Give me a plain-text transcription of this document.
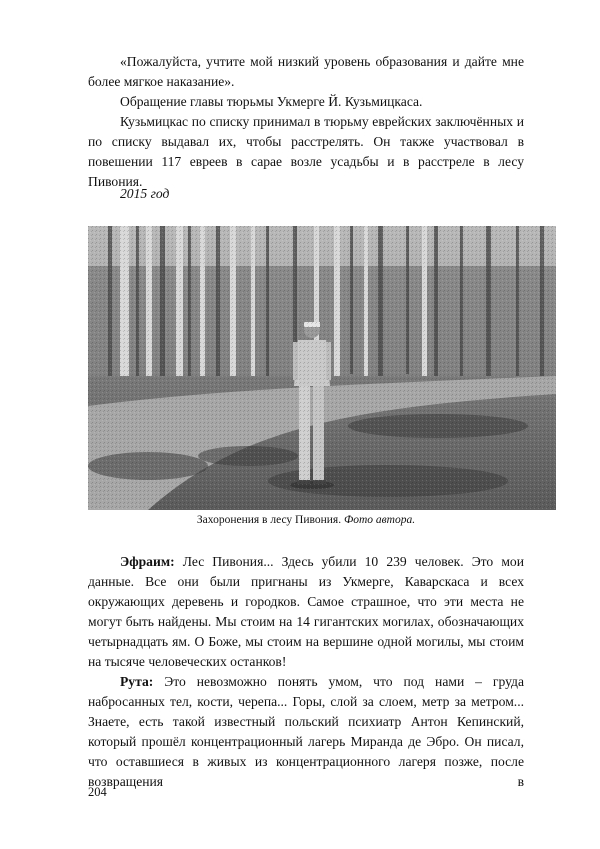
«Пожалуйста, учтите мой низкий уровень образования и дайте мне более мягкое наказание».

Обращение главы тюрьмы Укмерге Й. Кузьмицкаса.

Кузьмицкас по списку принимал в тюрьму еврейских заключённых и по списку выдавал их, чтобы расстрелять. Он также участвовал в повешении 117 евреев в сарае возле усадьбы и в расстреле в лесу Пивония.

2015 год
Захоронения в лесу Пивония. Фото автора.

Эфраим: Лес Пивония... Здесь убили 10 239 человек. Это мои данные. Все они были пригнаны из Укмерге, Каварскаса и всех окружающих деревень и городков. Самое страшное, что эти места не могут быть найдены. Мы стоим на 14 гигантских могилах, обозначающих четырнадцать ям. О Боже, мы стоим на вершине одной могилы, мы стоим на тысяче человеческих останков!

Рута: Это невозможно понять умом, что под нами – груда набросанных тел, кости, черепа... Горы, слой за слоем, метр за метром... Знаете, есть такой известный польский психиатр Антон Кепинский, который прошёл концентрационный лагерь Миранда де Эбро. Он писал, что оставшиеся в живых из концентрационного лагеря позже, после возвращения в

204
